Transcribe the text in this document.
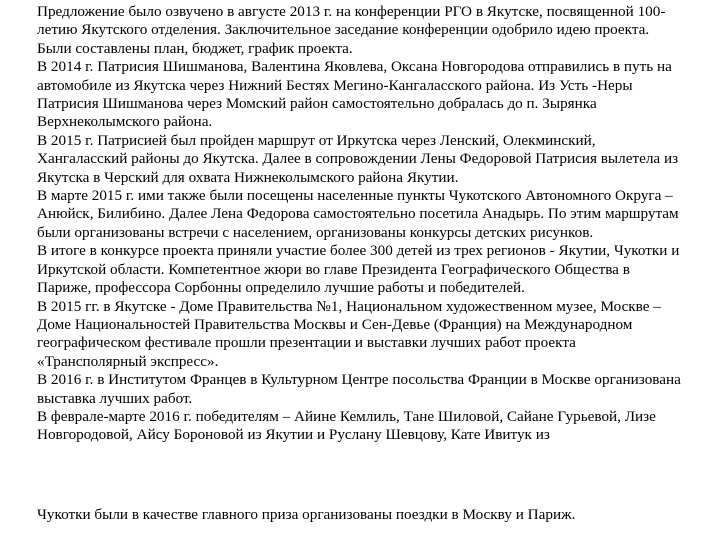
Предложение было озвучено в августе 2013 г. на конференции РГО в Якутске, посвященной 100-летию Якутского отделения. Заключительное заседание конференции одобрило идею проекта. Были составлены план, бюджет, график проекта.

В 2014 г. Патрисия Шишманова, Валентина Яковлева, Оксана Новгородова отправились в путь на автомобиле из Якутска через Нижний Бестях Мегино-Кангаласского района. Из Усть -Неры Патрисия Шишманова через Момский район самостоятельно добралась до п. Зырянка Верхнеколымского района.

В 2015 г. Патрисией был пройден маршрут от Иркутска через Ленский, Олекминский, Хангаласский районы до Якутска. Далее в сопровождении Лены Федоровой Патрисия вылетела из Якутска в Черский для охвата Нижнеколымского района Якутии.

В марте 2015 г. ими также были посещены населенные пункты Чукотского Автономного Округа – Анюйск, Билибино. Далее Лена Федорова самостоятельно посетила Анадырь. По этим маршрутам были организованы встречи с населением, организованы конкурсы детских рисунков.

В итоге в конкурсе проекта приняли участие более 300 детей из трех регионов - Якутии, Чукотки и Иркутской области. Компетентное жюри во главе Президента Географического Общества в Париже, профессора Сорбонны определило лучшие работы и победителей.

В 2015 гг. в Якутске - Доме Правительства №1, Национальном художественном музее, Москве – Доме Национальностей Правительства Москвы и Сен-Девье (Франция) на Международном географическом фестивале прошли презентации и выставки лучших работ проекта «Трансполярный экспресс».

В 2016 г. в Институтом Францев в Культурном Центре посольства Франции в Москве организована выставка лучших работ.

В феврале-марте 2016 г. победителям – Айине Кемлиль, Тане Шиловой, Сайане Гурьевой, Лизе Новгородовой, Айсу Бороновой из Якутии и Руслану Шевцову, Кате Ивитук из

Чукотки были в качестве главного приза организованы поездки в Москву и Париж.
